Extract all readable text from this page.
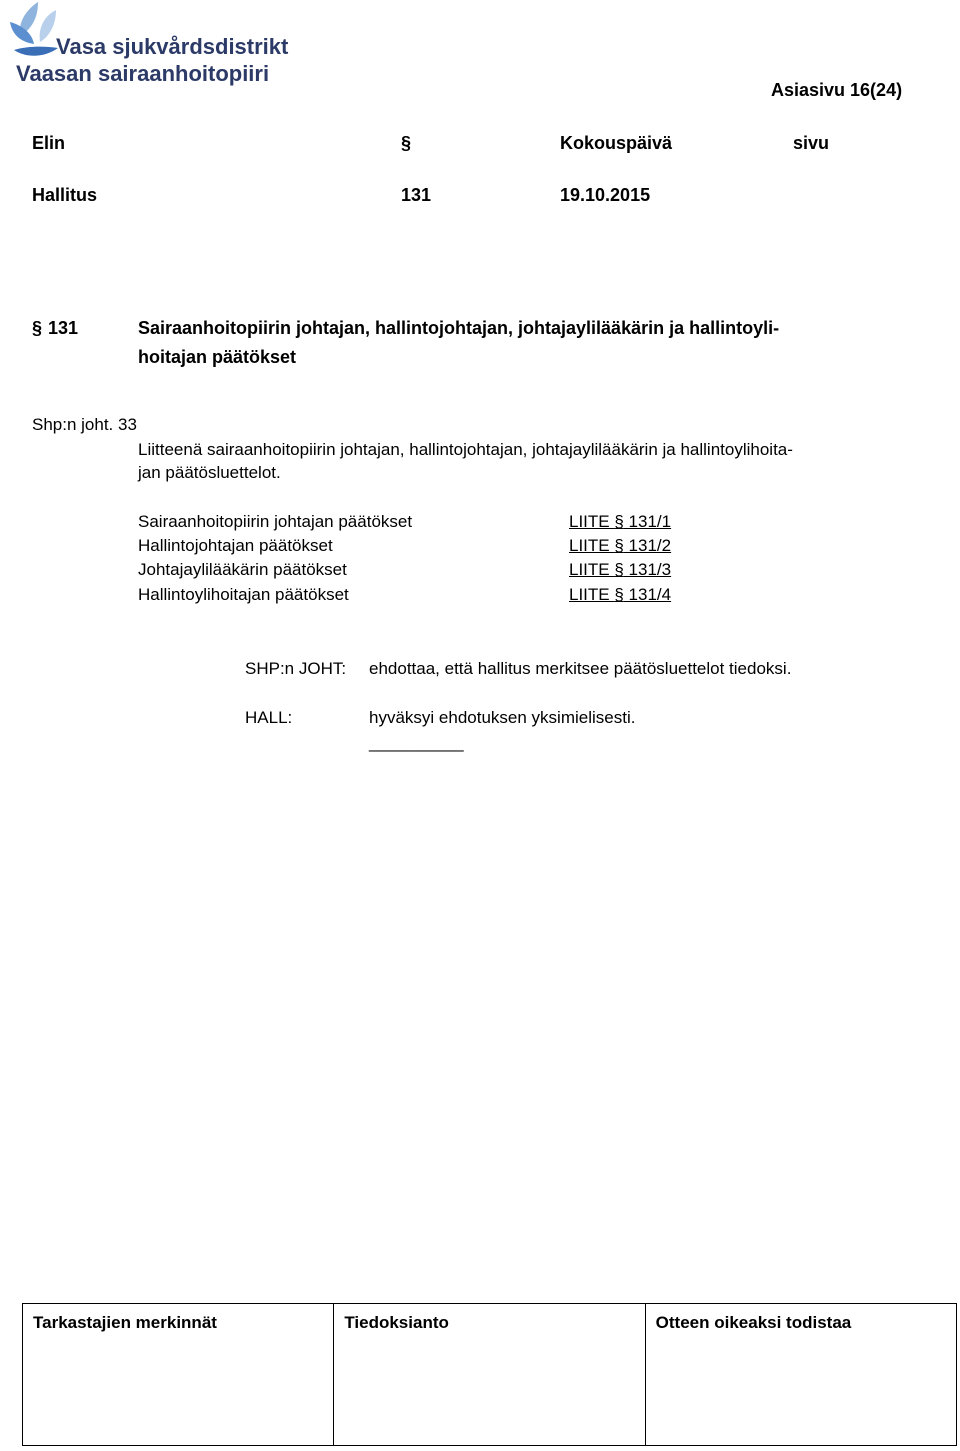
Vasa sjukvårdsdistrikt
Vaasan sairaanhoitopiiri
Asiasivu 16(24)
Elin	§	Kokouspäivä	sivu
Hallitus	131	19.10.2015
§ 131	Sairaanhoitopiirin johtajan, hallintojohtajan, johtajaylilääkärin ja hallintoyli-
hoitajan päätökset
Shp:n joht. 33
Liitteenä sairaanhoitopiirin johtajan, hallintojohtajan, johtajaylilääkärin ja hallintoylihoita-
jan päätösluettelot.
Sairaanhoitopiirin johtajan päätökset	LIITE § 131/1
Hallintojohtajan päätökset	LIITE § 131/2
Johtajaylilääkärin päätökset	LIITE § 131/3
Hallintoylihoitajan päätökset	LIITE § 131/4
SHP:n JOHT: ehdottaa, että hallitus merkitsee päätösluettelot tiedoksi.
HALL:	hyväksyi ehdotuksen yksimielisesti.
__________
Tarkastajien merkinnät	Tiedoksianto	Otteen oikeaksi todistaa
